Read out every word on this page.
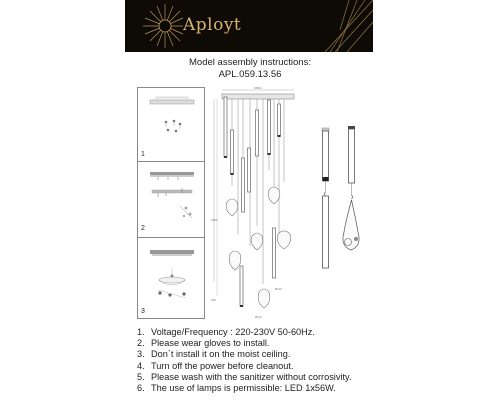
Aployt
Model assembly instructions:
APL.059.13.56
1
2
3
Ø600
1800
300
Ø110
Ø110
1. Voltage/Frequency : 220-230V 50-60Hz.
2. Please wear gloves to install.
3. Don`t install it on the moist ceiling.
4. Turn off the power before cleanout.
5. Please wash with the sanitizer without corrosivity.
6. The use of lamps is permissible: LED 1x56W.
